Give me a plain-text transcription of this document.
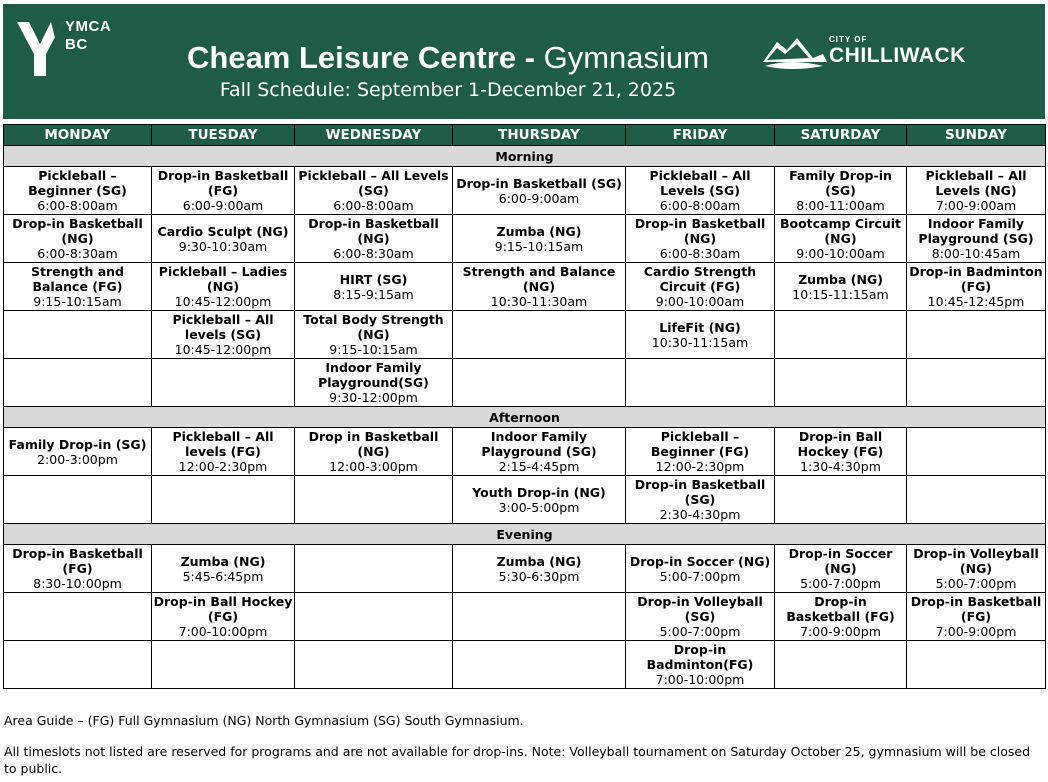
YMCA
BC	Cheam Leisure Centre - Gymnasium
Fall Schedule: September 1-December 21, 2025
CITY OF
CHILLIWACK
MONDAY	TUESDAY	WEDNESDAY	THURSDAY	FRIDAY	SATURDAY	SUNDAY
Morning						

Pickleball – Beginner (SG)
6:00-8:00am	Drop-in Basketball (FG)
6:00-9:00am	Pickleball – All Levels (SG)
6:00-8:00am	Drop-in Basketball (SG)
6:00-9:00am	Pickleball – All Levels (SG)
6:00-8:00am	Family Drop-in (SG)
8:00-11:00am	Pickleball – All Levels (NG)
7:00-9:00am

Drop-in Basketball (NG)
6:00-8:30am	Cardio Sculpt (NG)
9:30-10:30am	Drop-in Basketball (NG)
6:00-8:30am	Zumba (NG)
9:15-10:15am	Drop-in Basketball (NG)
6:00-8:30am	Bootcamp Circuit (NG)
9:00-10:00am	Indoor Family Playground (SG)
8:00-10:45am

Strength and Balance (FG)
9:15-10:15am	Pickleball – Ladies (NG)
10:45-12:00pm	HIRT (SG)
8:15-9:15am	Strength and Balance (NG)
10:30-11:30am	Cardio Strength Circuit (FG)
9:00-10:00am	Zumba (NG)
10:15-11:15am	Drop-in Badminton (FG)
10:45-12:45pm

	Pickleball – All levels (SG)
10:45-12:00pm	Total Body Strength (NG)
9:15-10:15am		LifeFit (NG)
10:30-11:15am		

		Indoor Family Playground(SG)
9:30-12:00pm				

Afternoon						

Family Drop-in (SG)
2:00-3:00pm	Pickleball – All levels (FG)
12:00-2:30pm	Drop in Basketball (NG)
12:00-3:00pm	Indoor Family Playground (SG)
2:15-4:45pm	Pickleball – Beginner (FG)
12:00-2:30pm	Drop-in Ball Hockey (FG)
1:30-4:30pm	

			Youth Drop-in (NG)
3:00-5:00pm	Drop-in Basketball (SG)
2:30-4:30pm		

Evening						

Drop-in Basketball (FG)
8:30-10:00pm	Zumba (NG)
5:45-6:45pm		Zumba (NG)
5:30-6:30pm	Drop-in Soccer (NG)
5:00-7:00pm	Drop-in Soccer (NG)
5:00-7:00pm	Drop-in Volleyball (NG)
5:00-7:00pm

	Drop-in Ball Hockey (FG)
7:00-10:00pm			Drop-in Volleyball (SG)
5:00-7:00pm	Drop-in Basketball (FG)
7:00-9:00pm	Drop-in Basketball (FG)
7:00-9:00pm

				Drop-in Badminton(FG)
7:00-10:00pm		

Area Guide – (FG) Full Gymnasium (NG) North Gymnasium (SG) South Gymnasium.

All timeslots not listed are reserved for programs and are not available for drop-ins. Note: Volleyball tournament on Saturday October 25, gymnasium will be closed to public.
